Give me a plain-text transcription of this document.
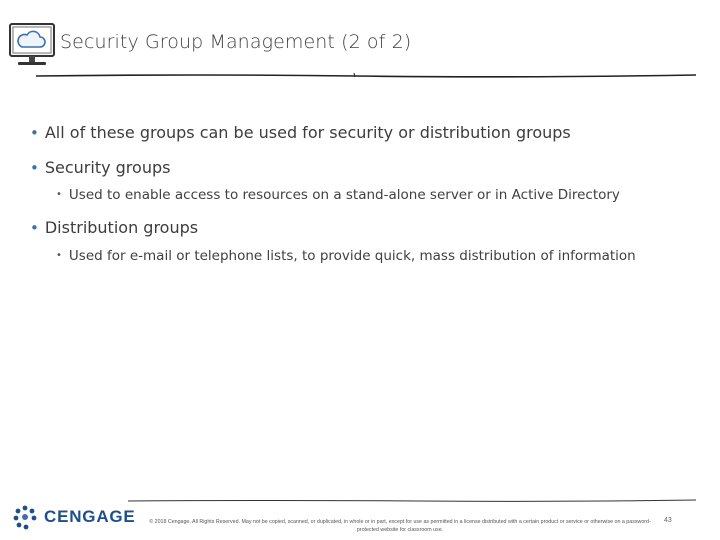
Security Group Management (2 of 2)
• All of these groups can be used for security or distribution groups
• Security groups
• Used to enable access to resources on a stand-alone server or in Active Directory
• Distribution groups
• Used for e-mail or telephone lists, to provide quick, mass distribution of information
CENGAGE	© 2018 Cengage. All Rights Reserved. May not be copied, scanned, or duplicated, in whole or in part, except for use as permitted in a license distributed with a certain product or service or otherwise on a password-protected website for classroom use.
43
